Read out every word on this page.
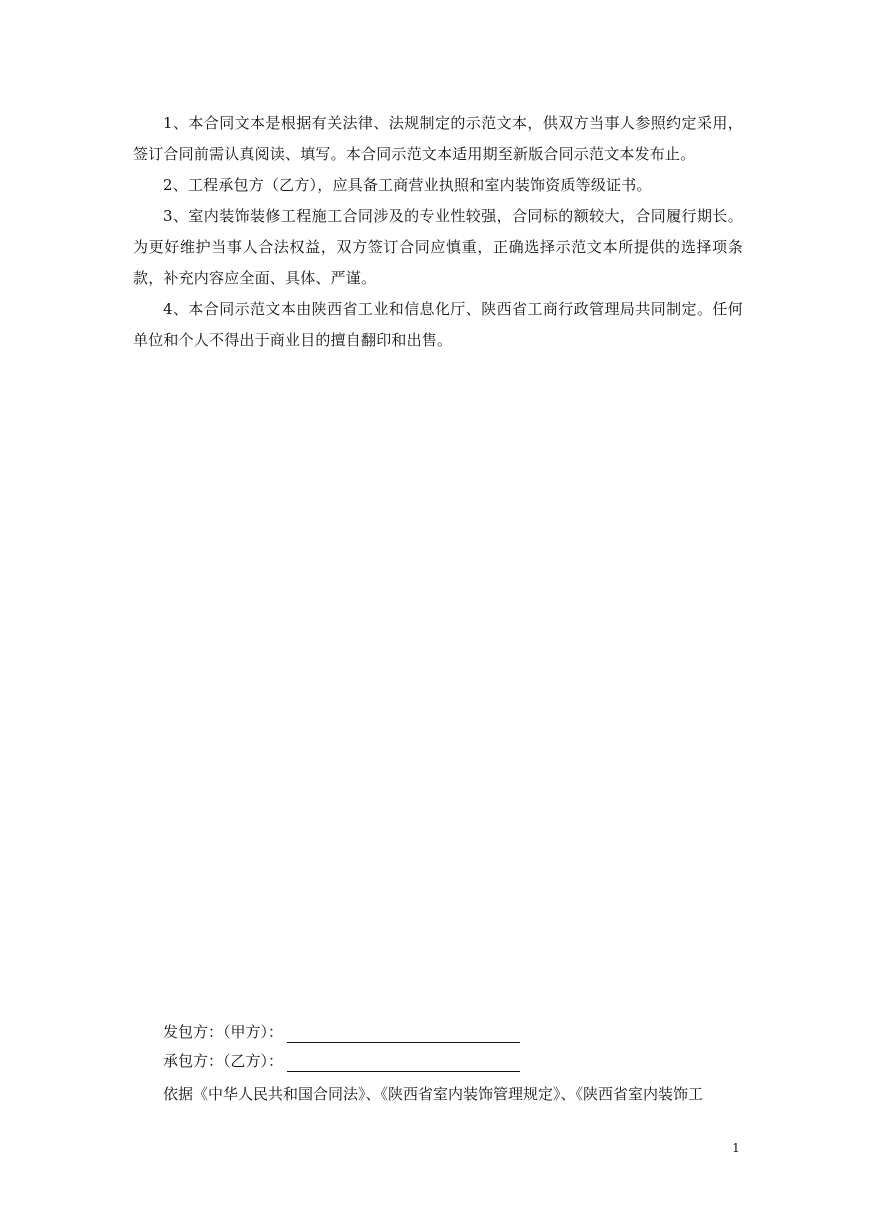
1、本合同文本是根据有关法律、法规制定的示范文本，供双方当事人参照约定采用，签订合同前需认真阅读、填写。本合同示范文本适用期至新版合同示范文本发布止。

2、工程承包方（乙方），应具备工商营业执照和室内装饰资质等级证书。

3、室内装饰装修工程施工合同涉及的专业性较强，合同标的额较大，合同履行期长。为更好维护当事人合法权益，双方签订合同应慎重，正确选择示范文本所提供的选择项条款，补充内容应全面、具体、严谨。

4、本合同示范文本由陕西省工业和信息化厅、陕西省工商行政管理局共同制定。任何单位和个人不得出于商业目的擅自翻印和出售。

发包方：（甲方）：
承包方：（乙方）：
依据《中华人民共和国合同法》、《陕西省室内装饰管理规定》、《陕西省室内装饰工
1
